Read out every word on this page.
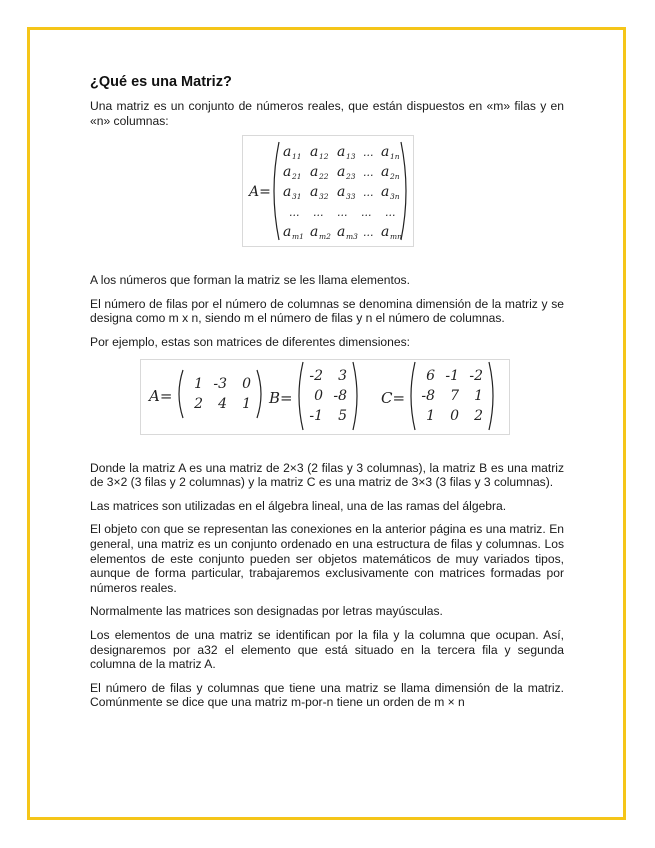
¿Qué es una Matriz?

Una matriz es un conjunto de números reales, que están dispuestos en «m» filas y en «n» columnas:

A=
a 11 a 12 a 13 ... a 1n
a 21 a 22 a 23 ... a 2n
a 31 a 32 a 33 ... a 3n
... ... ... ... ...
a m1 a m2 a m3 ... a mn

A los números que forman la matriz se les llama elementos.

El número de filas por el número de columnas se denomina dimensión de la matriz y se designa como m x n, siendo m el número de filas y n el número de columnas.

Por ejemplo, estas son matrices de diferentes dimensiones:

A=
1 -3 0
2 4 1 B=
-2 3
0 -8
-1 5
C=
6 -1 -2
-8 7 1
1 0 2

Donde la matriz A es una matriz de 2×3 (2 filas y 3 columnas), la matriz B es una matriz de 3×2 (3 filas y 2 columnas) y la matriz C es una matriz de 3×3 (3 filas y 3 columnas).

Las matrices son utilizadas en el álgebra lineal, una de las ramas del álgebra.

El objeto con que se representan las conexiones en la anterior página es una matriz. En general, una matriz es un conjunto ordenado en una estructura de filas y columnas. Los elementos de este conjunto pueden ser objetos matemáticos de muy variados tipos, aunque de forma particular, trabajaremos exclusivamente con matrices formadas por números reales.

Normalmente las matrices son designadas por letras mayúsculas.

Los elementos de una matriz se identifican por la fila y la columna que ocupan. Así, designaremos por a32 el elemento que está situado en la tercera fila y segunda columna de la matriz A.

El número de filas y columnas que tiene una matriz se llama dimensión de la matriz. Comúnmente se dice que una matriz m-por-n tiene un orden de m × n
